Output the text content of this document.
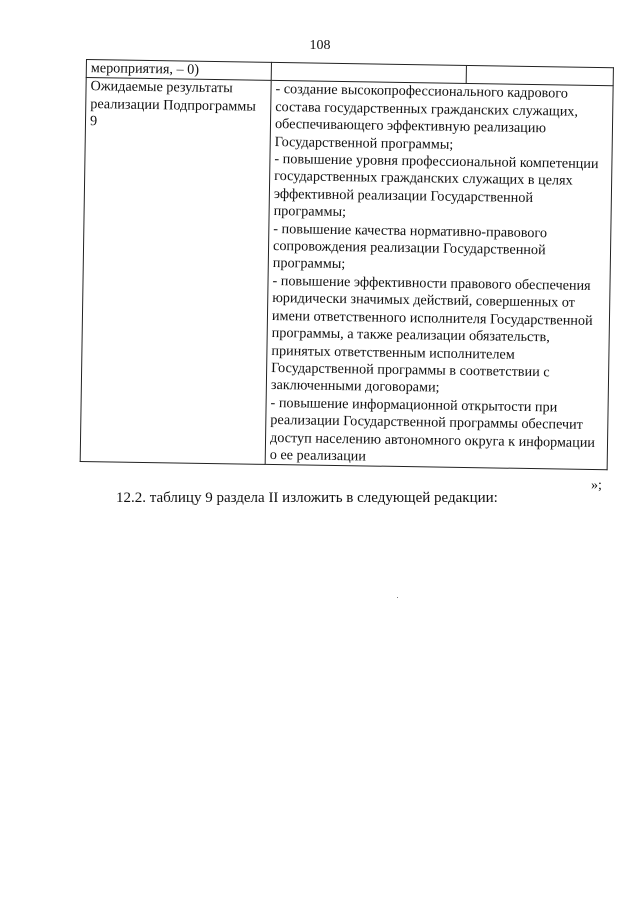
108
мероприятия, – 0)	

Ожидаемые результаты реализации Подпрограммы 9	- создание высокопрофессионального кадрового состава государственных гражданских служащих, обеспечивающего эффективную реализацию Государственной программы;
- повышение уровня профессиональной компетенции государственных гражданских служащих в целях эффективной реализации Государственной программы;
- повышение качества нормативно-правового сопровождения реализации Государственной программы;
- повышение эффективности правового обеспечения юридически значимых действий, совершенных от имени ответственного исполнителя Государственной программы, а также реализации обязательств, принятых ответственным исполнителем Государственной программы в соответствии с заключенными договорами;
- повышение информационной открытости при реализации Государственной программы обеспечит доступ населению автономного округа к информации о ее реализации
»;
12.2. таблицу 9 раздела II изложить в следующей редакции:
